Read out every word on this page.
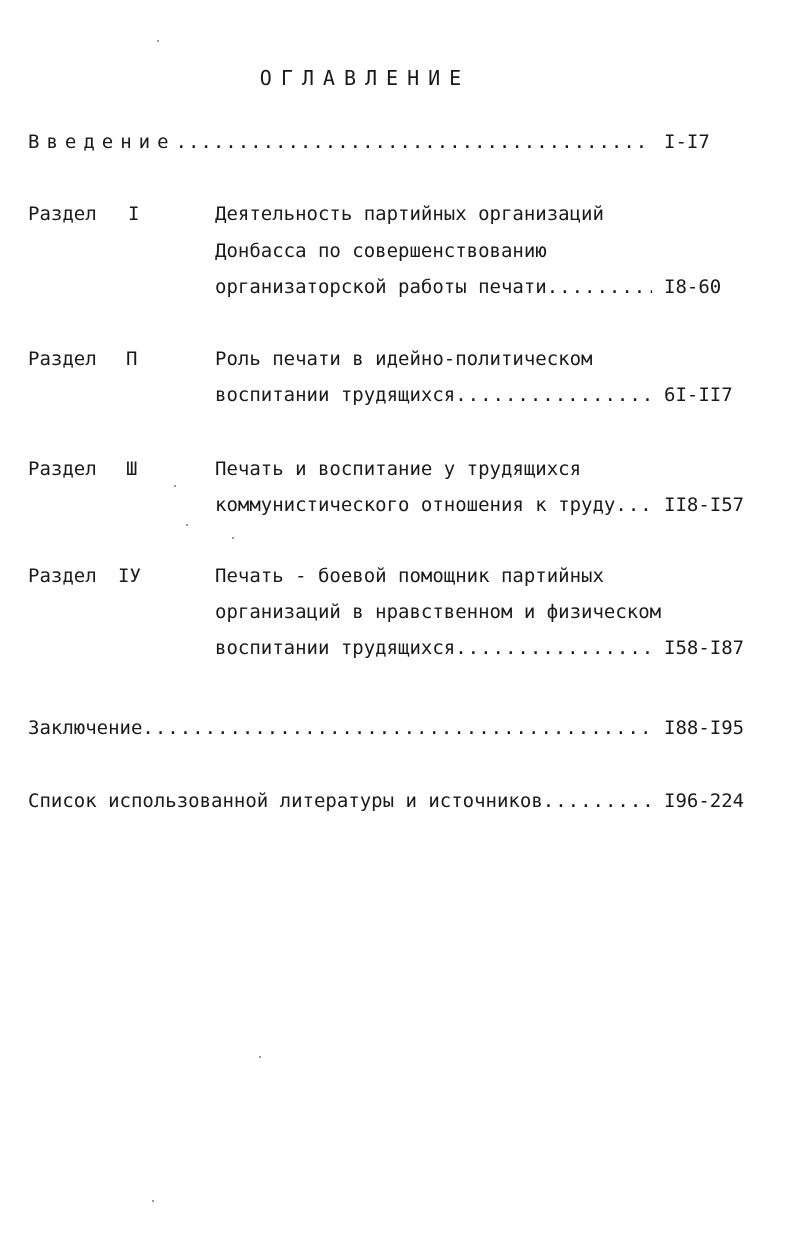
ОГЛАВЛЕНИЕ
Введение .....	I-I7
Раздел I	Деятельность партийных организаций
Донбасса по совершенствованию
организаторской работы печати .....	I8-60
Раздел П	Роль печати в идейно-политическом
воспитании трудящихся .....	6I-II7
Раздел Ш	Печать и воспитание у трудящихся
коммунистического отношения к труду .....	II8-I57
Раздел IУ	Печать - боевой помощник партийных
организаций в нравственном и физическом
воспитании трудящихся .....	I58-I87
Заключение .....	I88-I95
Список использованной литературы и источников .....	I96-224
